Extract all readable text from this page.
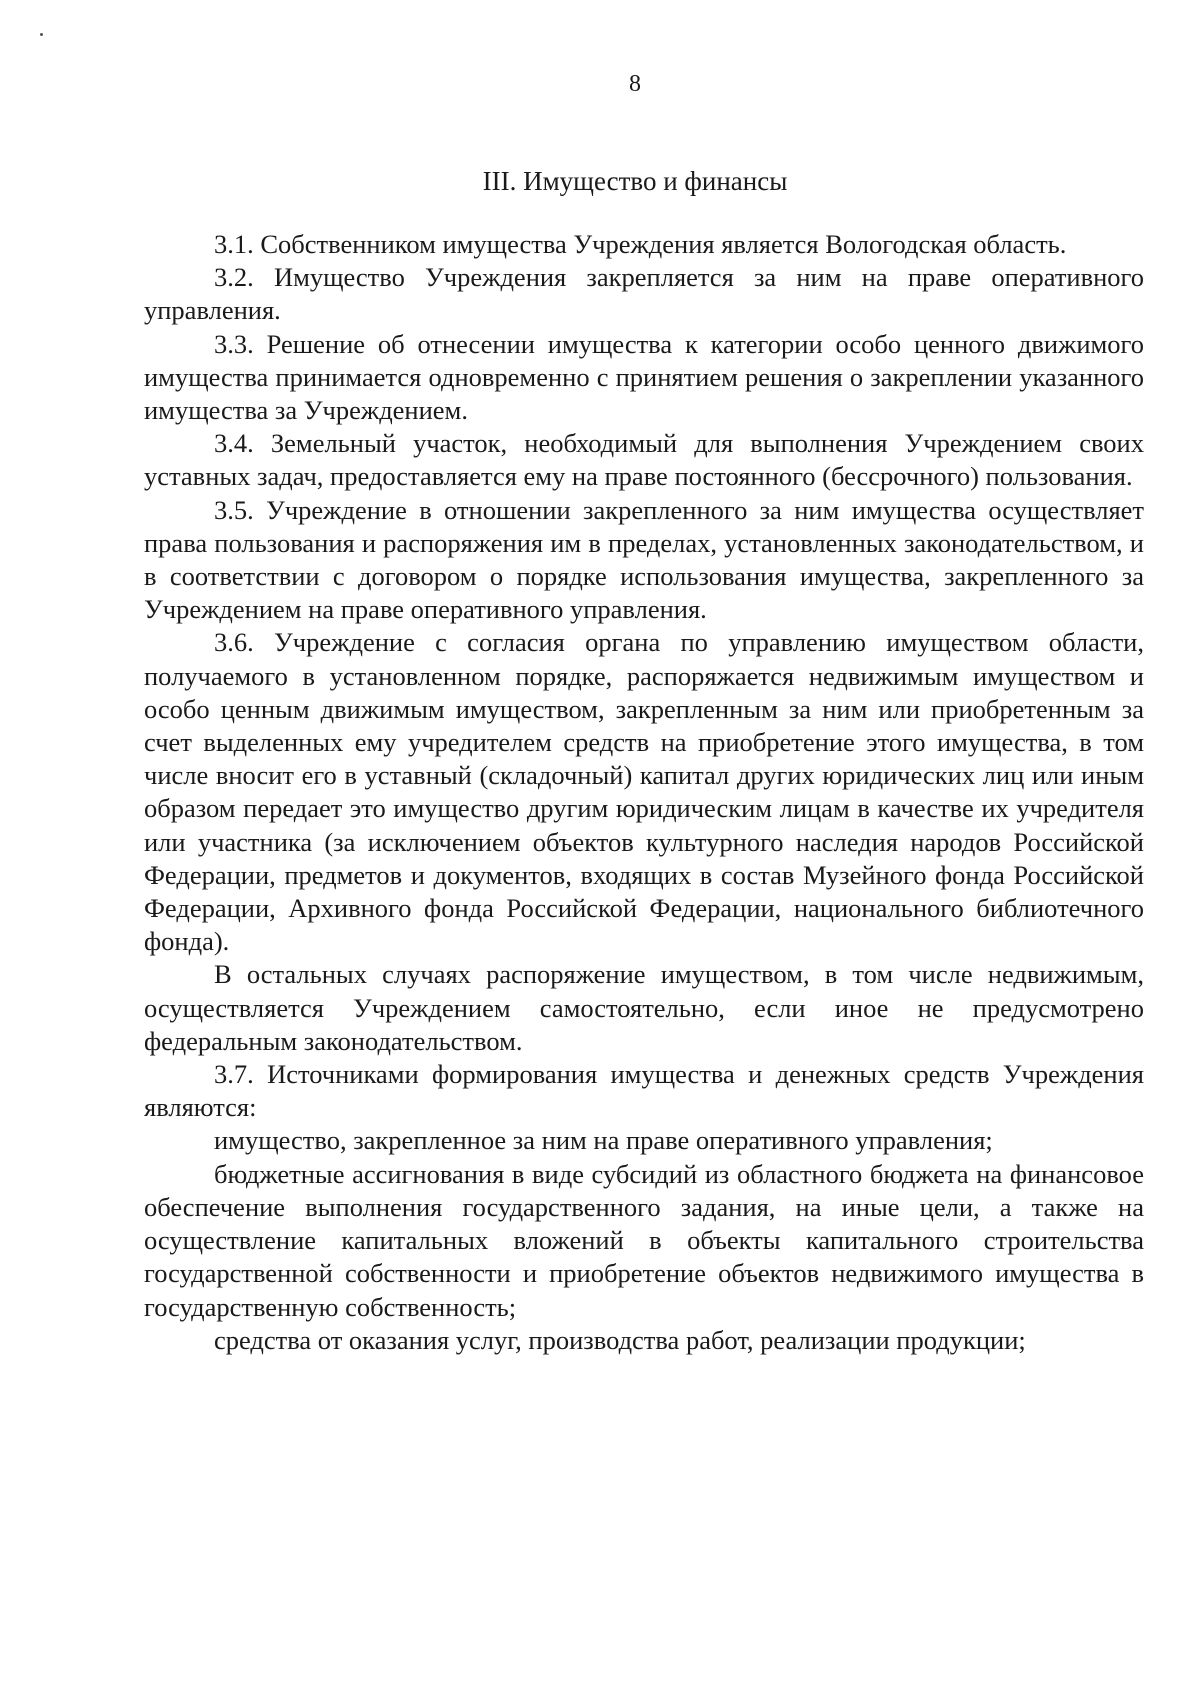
8
III. Имущество и финансы

3.1. Собственником имущества Учреждения является Вологодская область.

3.2. Имущество Учреждения закрепляется за ним на праве оперативного управления.

3.3. Решение об отнесении имущества к категории особо ценного движимого имущества принимается одновременно с принятием решения о закреплении указанного имущества за Учреждением.

3.4. Земельный участок, необходимый для выполнения Учреждением своих уставных задач, предоставляется ему на праве постоянного (бессрочного) пользования.

3.5. Учреждение в отношении закрепленного за ним имущества осуществляет права пользования и распоряжения им в пределах, установленных законодательством, и в соответствии с договором о порядке использования имущества, закрепленного за Учреждением на праве оперативного управления.

3.6. Учреждение с согласия органа по управлению имуществом области, получаемого в установленном порядке, распоряжается недвижимым имуществом и особо ценным движимым имуществом, закрепленным за ним или приобретенным за счет выделенных ему учредителем средств на приобретение этого имущества, в том числе вносит его в уставный (складочный) капитал других юридических лиц или иным образом передает это имущество другим юридическим лицам в качестве их учредителя или участника (за исключением объектов культурного наследия народов Российской Федерации, предметов и документов, входящих в состав Музейного фонда Российской Федерации, Архивного фонда Российской Федерации, национального библиотечного фонда).

В остальных случаях распоряжение имуществом, в том числе недвижимым, осуществляется Учреждением самостоятельно, если иное не предусмотрено федеральным законодательством.

3.7. Источниками формирования имущества и денежных средств Учреждения являются:

имущество, закрепленное за ним на праве оперативного управления;

бюджетные ассигнования в виде субсидий из областного бюджета на финансовое обеспечение выполнения государственного задания, на иные цели, а также на осуществление капитальных вложений в объекты капитального строительства государственной собственности и приобретение объектов недвижимого имущества в государственную собственность;

средства от оказания услуг, производства работ, реализации продукции;
